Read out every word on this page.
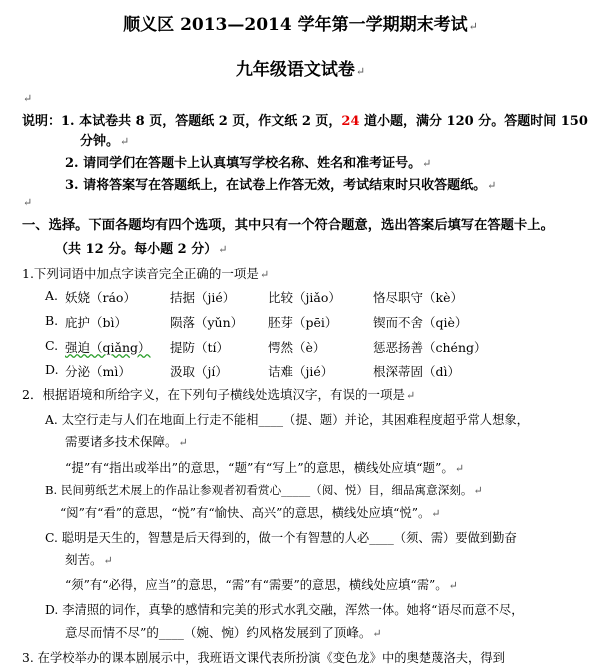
顺义区 2013—2014 学年第一学期期末考试↵
九年级语文试卷↵
↵
说明：1. 本试卷共 8 页，答题纸 2 页，作文纸 2 页，24 道小题，满分 120 分。答题时间 150
分钟。↵
2. 请同学们在答题卡上认真填写学校名称、姓名和准考证号。↵
3. 请将答案写在答题纸上，在试卷上作答无效，考试结束时只收答题纸。↵
↵
一、选择。下面各题均有四个选项，其中只有一个符合题意，选出答案后填写在答题卡上。
（共 12 分。每小题 2 分）↵
1.下列词语中加点字读音完全正确的一项是↵
A. 妖娆（ráo）	拮据（jié）	比较（jiǎo）	恪尽职守（kè）
B. 庇护（bì）	陨落（yǔn） 胚芽（pēi）	锲而不舍（qiè）
C. 强迫（qiǎng） 提防（tí）	愕然（è）	惩恶扬善（chéng）
D. 分泌（mì）	汲取（jí）	诘难（jié）	根深蒂固（dì）
2．根据语境和所给字义，在下列句子横线处选填汉字，有误的一项是↵
A. 太空行走与人们在地面上行走不能相____（提、题）并论，其困难程度超乎常人想象，
需要诸多技术保障。↵
“提”有“指出或举出”的意思，“题”有“写上”的意思，横线处应填“题”。↵
B. 民间剪纸艺术展上的作品让参观者初看赏心_____（阅、悦）目，细品寓意深刻。↵
“阅”有“看”的意思，“悦”有“愉快、高兴”的意思，横线处应填“悦”。↵
C. 聪明是天生的，智慧是后天得到的，做一个有智慧的人必____（须、需）要做到勤奋
刻苦。↵
“须”有“必得，应当”的意思，“需”有“需要”的意思，横线处应填“需”。↵
D. 李清照的词作，真挚的感情和完美的形式水乳交融，浑然一体。她将“语尽而意不尽，
意尽而情不尽”的____（婉、惋）约风格发展到了顶峰。↵
3. 在学校举办的课本剧展示中，我班语文课代表所扮演《变色龙》中的奥楚蔑洛夫，得到
